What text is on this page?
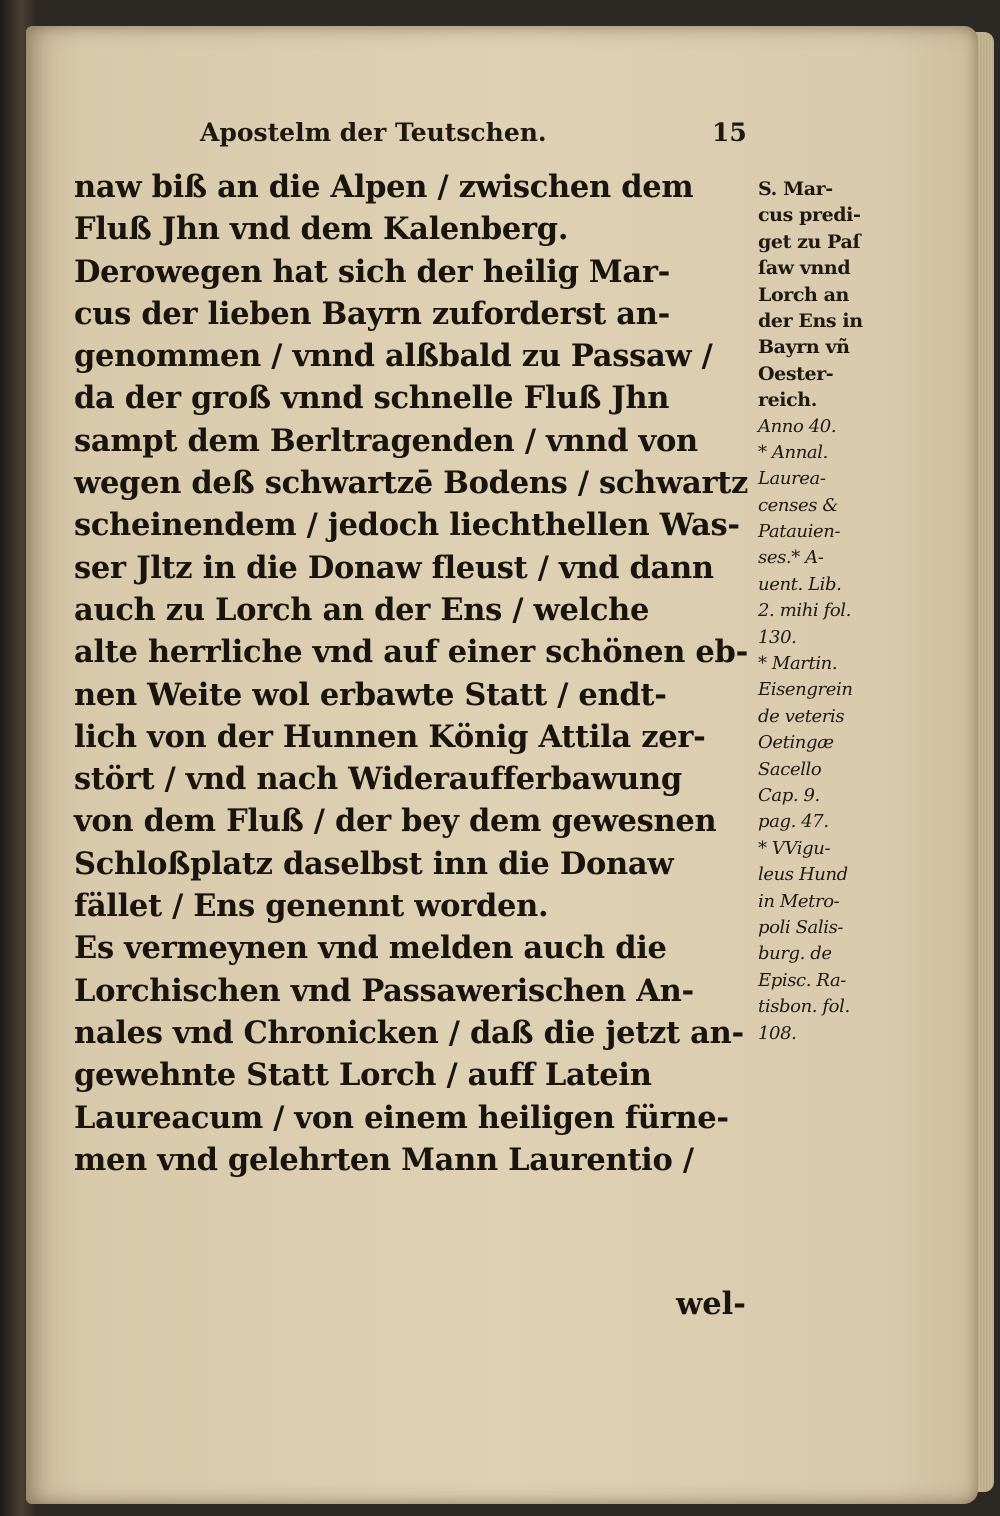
Apostelm der Teutschen.	15
naw biß an die Alpen / zwischen dem
Fluß Jhn vnd dem Kalenberg.
Derowegen hat sich der heilig Mar-
cus der lieben Bayrn zuforderst an-
genommen / vnnd alßbald zu Passaw /
da der groß vnnd schnelle Fluß Jhn
sampt dem Berltragenden / vnnd von
wegen deß schwartzē Bodens / schwartz
scheinendem / jedoch liechthellen Was-
ser Jltz in die Donaw fleust / vnd dann
auch zu Lorch an der Ens / welche
alte herrliche vnd auf einer schönen eb-
nen Weite wol erbawte Statt / endt-
lich von der Hunnen König Attila zer-
stört / vnd nach Wideraufferbawung
von dem Fluß / der bey dem gewesnen
Schloßplatz daselbst inn die Donaw
fället / Ens genennt worden.
Es vermeynen vnd melden auch die
Lorchischen vnd Passawerischen An-
nales vnd Chronicken / daß die jetzt an-
gewehnte Statt Lorch / auff Latein
Laureacum / von einem heiligen fürne-
men vnd gelehrten Mann Laurentio /
wel-
S. Mar-
cus predi-
get zu Paſ
ſaw vnnd
Lorch an
der Ens in
Bayrn vñ
Oester-
reich.
Anno 40.
* Annal.
Laurea-
censes &
Patauien-
ses.* A-
uent. Lib.
2. mihi fol.
130.
* Martin.
Eisengrein
de veteris
Oetingæ
Sacello
Cap. 9.
pag. 47.
* VVigu-
leus Hund
in Metro-
poli Salis-
burg. de
Episc. Ra-
tisbon. fol.
108.
